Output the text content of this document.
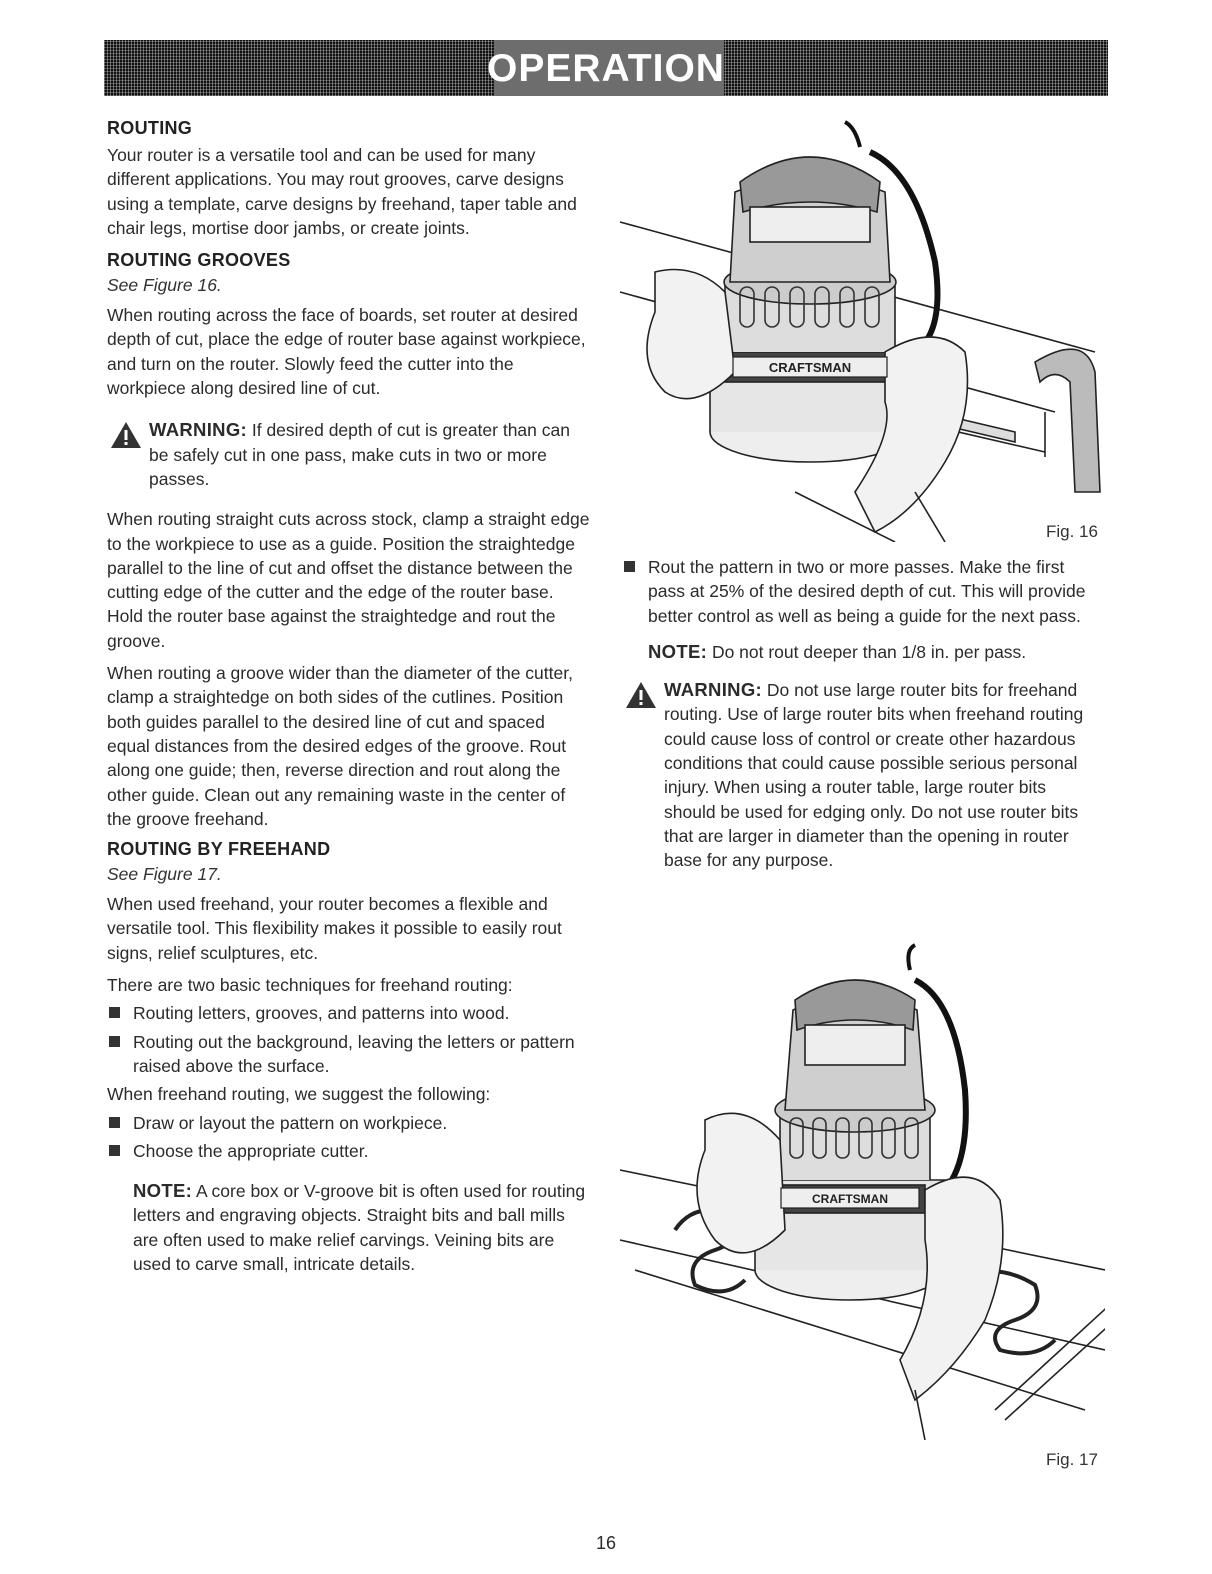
OPERATION
ROUTING

Your router is a versatile tool and can be used for many different applications. You may rout grooves, carve designs using a template, carve designs by freehand, taper table and chair legs, mortise door jambs, or create joints.

ROUTING GROOVES
See Figure 16.

When routing across the face of boards, set router at desired depth of cut, place the edge of router base against workpiece, and turn on the router. Slowly feed the cutter into the workpiece along desired line of cut.

WARNING: If desired depth of cut is greater than can be safely cut in one pass, make cuts in two or more passes.

When routing straight cuts across stock, clamp a straight edge to the workpiece to use as a guide. Position the straightedge parallel to the line of cut and offset the distance between the cutting edge of the cutter and the edge of the router base. Hold the router base against the straightedge and rout the groove.

When routing a groove wider than the diameter of the cutter, clamp a straightedge on both sides of the cutlines. Position both guides parallel to the desired line of cut and spaced equal distances from the desired edges of the groove. Rout along one guide; then, reverse direction and rout along the other guide. Clean out any remaining waste in the center of the groove freehand.

ROUTING BY FREEHAND
See Figure 17.

When used freehand, your router becomes a flexible and versatile tool. This flexibility makes it possible to easily rout signs, relief sculptures, etc.

There are two basic techniques for freehand routing:

Routing letters, grooves, and patterns into wood.
Routing out the background, leaving the letters or pattern raised above the surface.

When freehand routing, we suggest the following:

Draw or layout the pattern on workpiece.
Choose the appropriate cutter.
NOTE: A core box or V-groove bit is often used for routing letters and engraving objects. Straight bits and ball mills are often used to make relief carvings. Veining bits are used to carve small, intricate details.
CRAFTSMAN
Fig. 16
Rout the pattern in two or more passes. Make the first pass at 25% of the desired depth of cut. This will provide better control as well as being a guide for the next pass.
NOTE: Do not rout deeper than 1/8 in. per pass.
WARNING: Do not use large router bits for freehand routing. Use of large router bits when freehand routing could cause loss of control or create other hazardous conditions that could cause possible serious personal injury. When using a router table, large router bits should be used for edging only. Do not use router bits that are larger in diameter than the opening in router base for any purpose.
CRAFTSMAN
Fig. 17
16
